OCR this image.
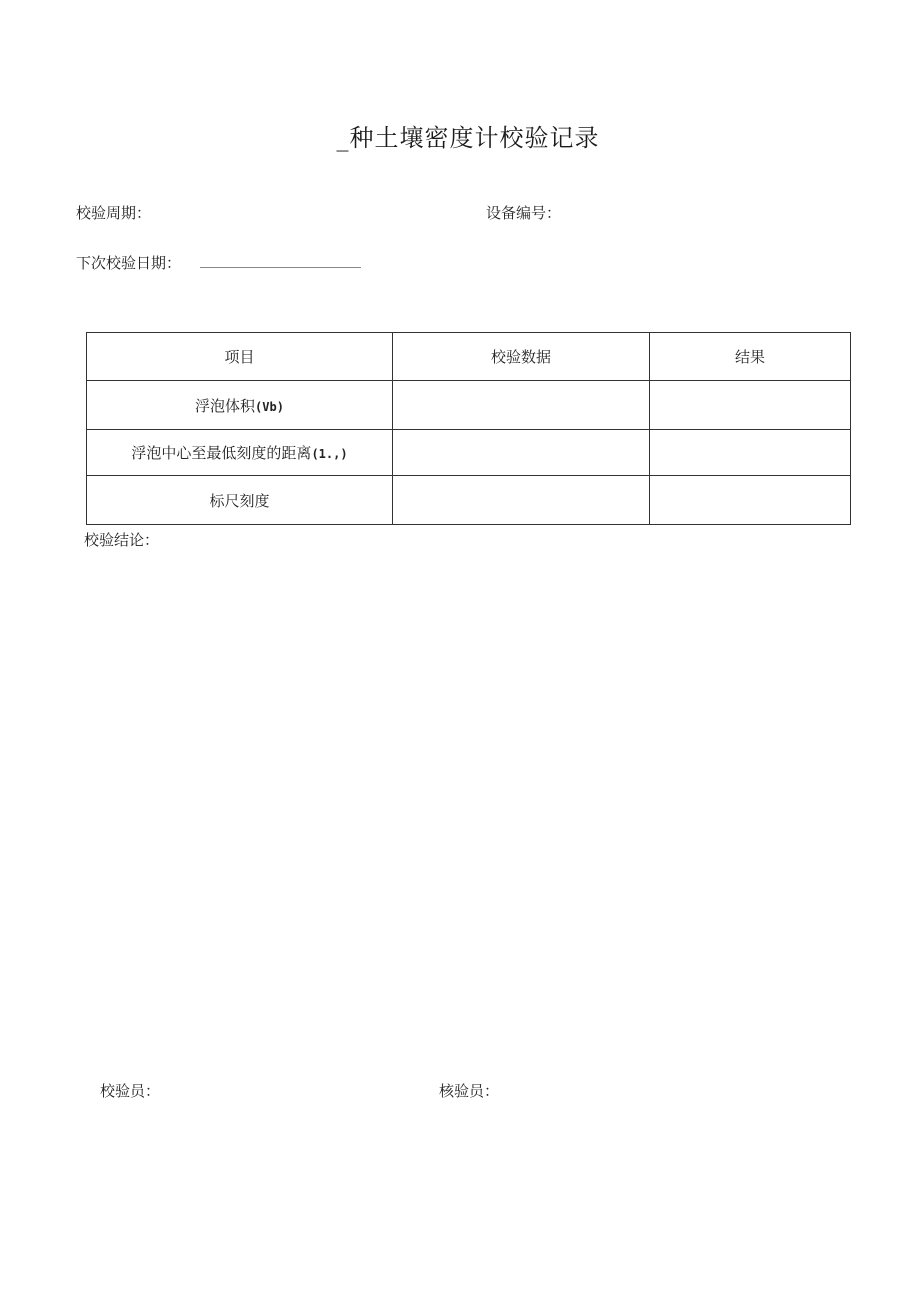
_种土壤密度计校验记录
校验周期：	设备编号：
下次校验日期：
项目	校验数据	结果
浮泡体积(Vb)		
浮泡中心至最低刻度的距离(1.,)		
标尺刻度		
校验结论：
校验员：	核验员：
